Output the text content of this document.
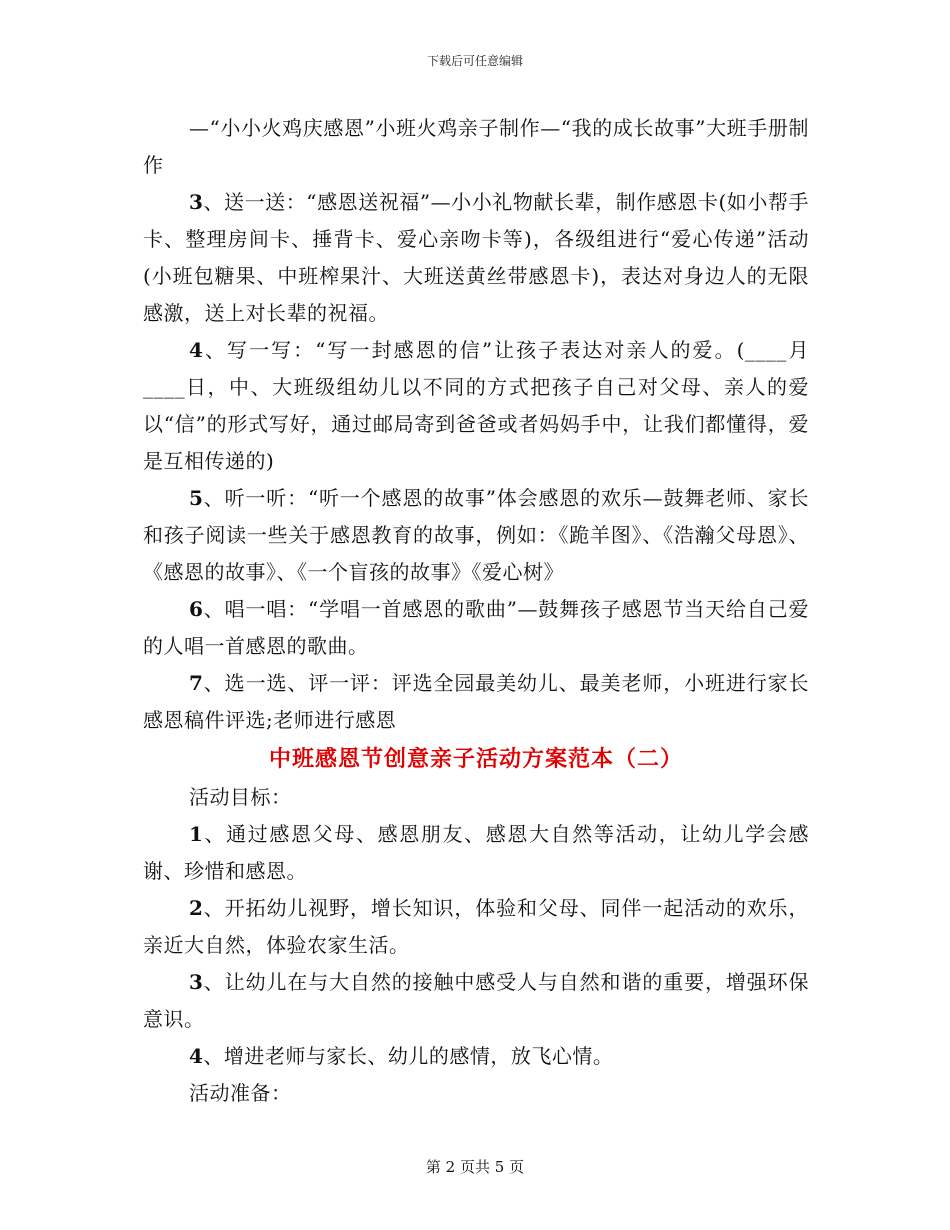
下载后可任意编辑

—“小小火鸡庆感恩”小班火鸡亲子制作—“我的成长故事”大班手册制作

3、送一送：“感恩送祝福”—小小礼物献长辈，制作感恩卡(如小帮手卡、整理房间卡、捶背卡、爱心亲吻卡等)，各级组进行“爱心传递”活动(小班包糖果、中班榨果汁、大班送黄丝带感恩卡)，表达对身边人的无限感激，送上对长辈的祝福。

4、写一写：“写一封感恩的信”让孩子表达对亲人的爱。(____月____日，中、大班级组幼儿以不同的方式把孩子自己对父母、亲人的爱以“信”的形式写好，通过邮局寄到爸爸或者妈妈手中，让我们都懂得，爱是互相传递的)

5、听一听：“听一个感恩的故事”体会感恩的欢乐—鼓舞老师、家长和孩子阅读一些关于感恩教育的故事，例如：《跪羊图》、《浩瀚父母恩》、《感恩的故事》、《一个盲孩的故事》《爱心树》

6、唱一唱：“学唱一首感恩的歌曲”—鼓舞孩子感恩节当天给自己爱的人唱一首感恩的歌曲。

7、选一选、评一评：评选全园最美幼儿、最美老师，小班进行家长感恩稿件评选;老师进行感恩

中班感恩节创意亲子活动方案范本（二）

活动目标：

1、通过感恩父母、感恩朋友、感恩大自然等活动，让幼儿学会感谢、珍惜和感恩。

2、开拓幼儿视野，增长知识，体验和父母、同伴一起活动的欢乐，亲近大自然，体验农家生活。

3、让幼儿在与大自然的接触中感受人与自然和谐的重要，增强环保意识。

4、增进老师与家长、幼儿的感情，放飞心情。

活动准备：

第 2 页共 5 页
